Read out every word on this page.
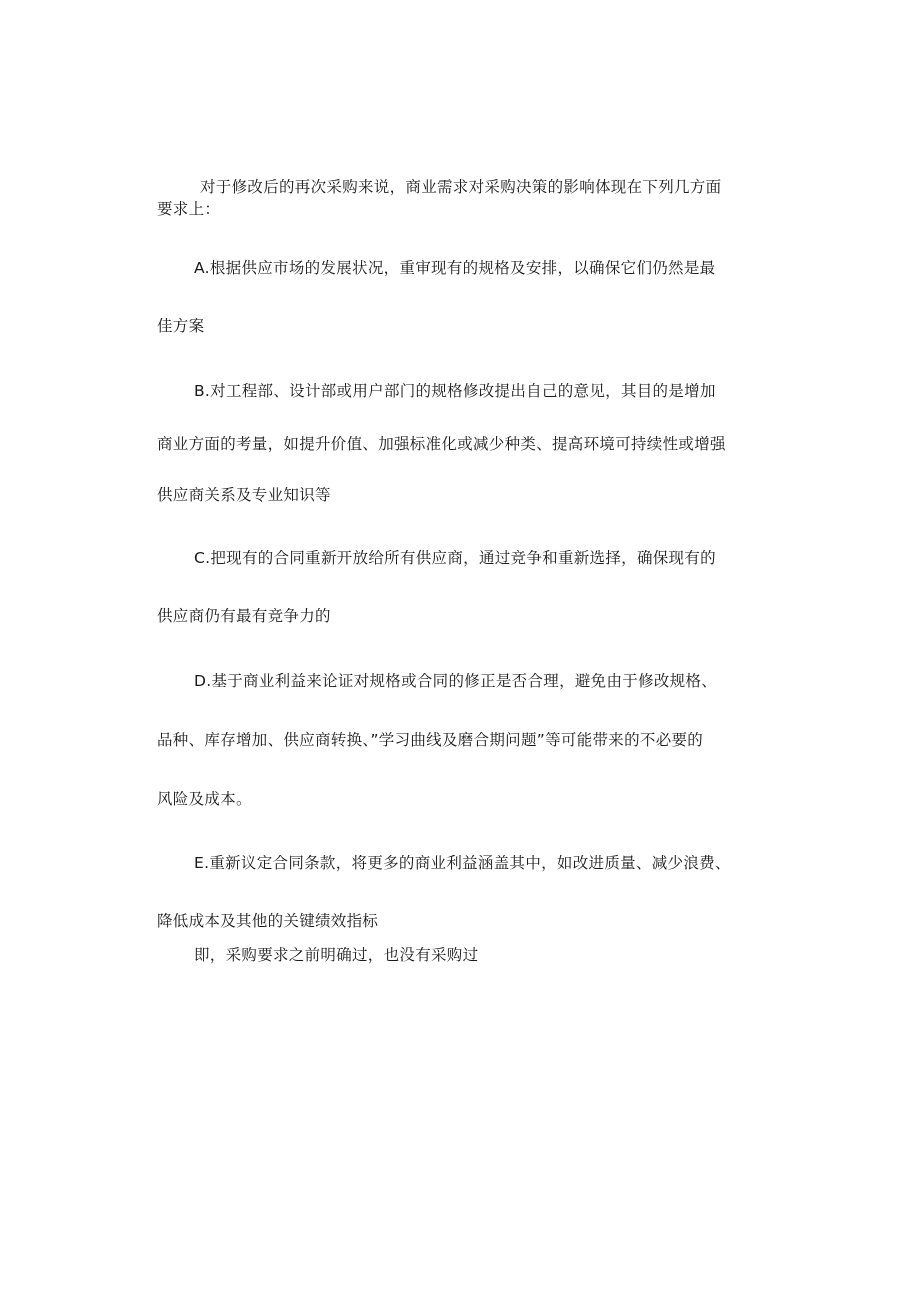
对于修改后的再次采购来说，商业需求对采购决策的影响体现在下列几方面
要求上：
A.根据供应市场的发展状况，重审现有的规格及安排，以确保它们仍然是最
佳方案
B.对工程部、设计部或用户部门的规格修改提出自己的意见，其目的是增加
商业方面的考量，如提升价值、加强标准化或减少种类、提高环境可持续性或增强
供应商关系及专业知识等
C.把现有的合同重新开放给所有供应商，通过竞争和重新选择，确保现有的
供应商仍有最有竞争力的
D.基于商业利益来论证对规格或合同的修正是否合理，避免由于修改规格、
品种、库存增加、供应商转换、”学习曲线及磨合期问题”等可能带来的不必要的
风险及成本。
E.重新议定合同条款，将更多的商业利益涵盖其中，如改进质量、减少浪费、
降低成本及其他的关键绩效指标
即，采购要求之前明确过，也没有采购过
